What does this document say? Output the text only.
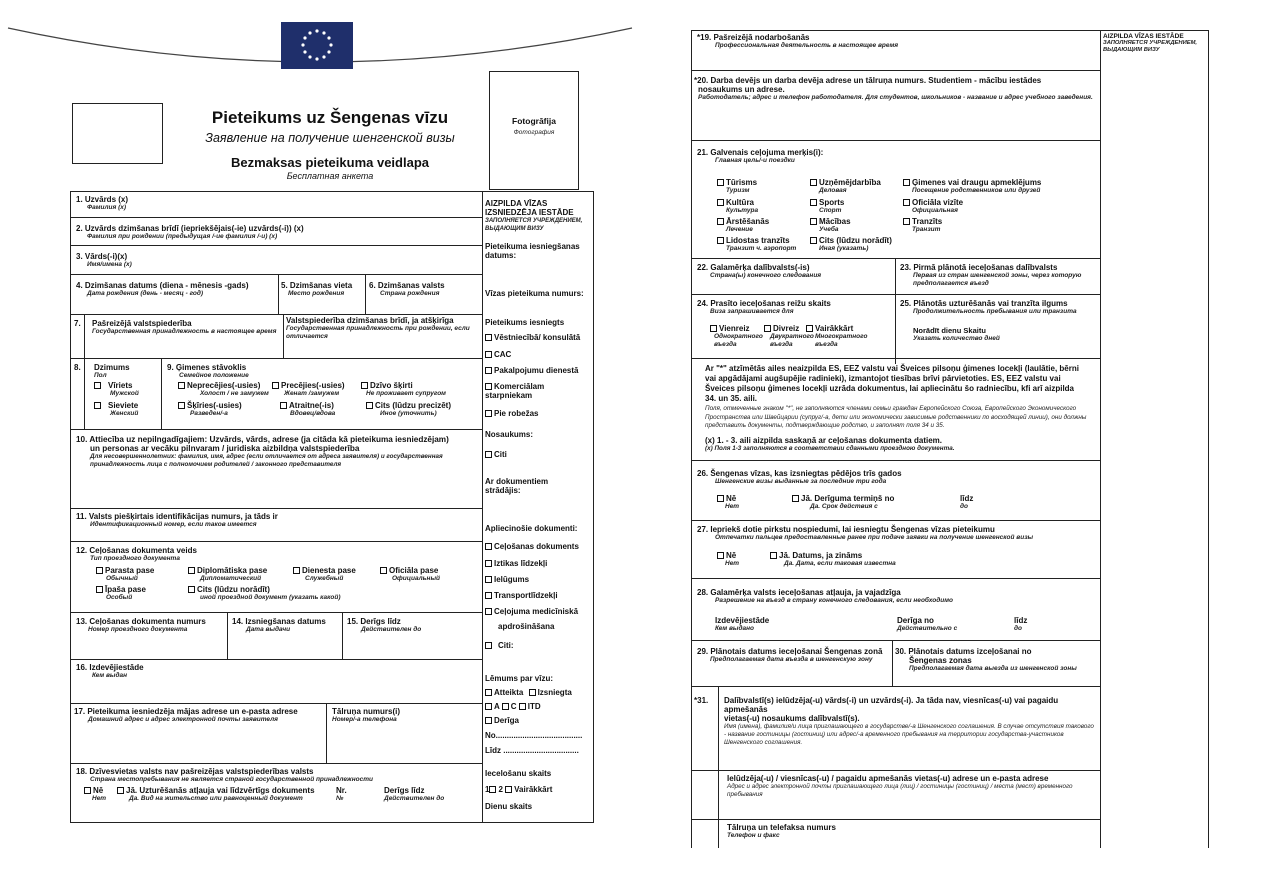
Pieteikums uz Šengenas vīzu
Заявление на получение шенгенской визы
Bezmaksas pieteikuma veidlapa
Бесплатная анкета
Fotogrāfija
Фотография
1. Uzvārds (x)
Фамилия (x)
2. Uzvārds dzimšanas brīdī (iepriekšējais(-ie) uzvārds(-i)) (x)
Фамилия при рождении (предыдущая /-ие фамилия /-и) (x)
3. Vārds(-i)(x)
Имя/имена (x)
4. Dzimšanas datums (diena - mēnesis -gads)
Дата рождения (день - месяц - год)
5. Dzimšanas vieta
Место рождения
6. Dzimšanas valsts
Страна рождения
7. Pašreizējā valstspiederība
Государственная принадлежность в настоящее время
Valstspiederība dzimšanas brīdī, ja atšķirīga
Государственная принадлежность при рождении, если отличается
8. Dzimums
Пол
Vīriets
Мужской
Sieviete
Женский
9. Ģimenes stāvoklis
Семейное положение
Neprecējies(-usies)
Холост / не замужем
Precējies(-usies)
Женат /замужем
Dzīvo šķirti
Не проживает супругом
Šķīries(-usies)
Разведен/-а
Atraitne(-is)
Вдовец/вдова
Cits (lūdzu precizēt)
Иное (уточнить)
10. Attiecība uz nepilngadīgajiem: Uzvārds, vārds, adrese (ja citāda kā pieteikuma iesniedzējam)
un personas ar vecāku pilnvaram / juridiska aizbildņa valstspiederība
Для несовершеннолетних: фамилия, имя, адрес (если отличается от адреса заявителя) и государственная принадлежность лица с полномочием родителей / законного представителя
11. Valsts piešķirtais identifikācijas numurs, ja tāds ir
Идентификационный номер, если таков имеется
12. Ceļošanas dokumenta veids
Тип проездного документа
Parasta pase
Обычный
Diplomātiska pase
Дипломатический
Dienesta pase
Служебный
Oficiāla pase
Официальный
Īpaša pase
Особый
Cits (lūdzu norādīt)
иной проездной документ (указать какой)
13. Ceļošanas dokumenta numurs
Номер проездного документа
14. Izsniegšanas datums
Дата выдачи
15. Derīgs līdz
Действителен до
16. Izdevējiestāde
Кем выдан
17. Pieteikuma iesniedzēja mājas adrese un e-pasta adrese
Домашний адрес и адрес электронной почты заявителя
Tālruņa numurs(i)
Номер/-а телефона
18. Dzīvesvietas valsts nav pašreizējas valstspiederības valsts
Страна местопребывания не является страной государственной принадлежности
Nē
Нет
Jā. Uzturēšanās atļauja vai līdzvērtīgs dokuments
Да. Вид на жительство или равноценный документ
Nr.
№
Derīgs līdz
Действителен до
AIZPILDA VĪZAS IZSNIEDZĒJA IESTĀDE
ЗАПОЛНЯЕТСЯ УЧРЕЖДЕНИЕМ, ВЫДАЮЩИМ ВИЗУ
Pieteikuma iesniegšanas datums:
Vīzas pieteikuma numurs:
Pieteikums iesniegts
Vēstniecībā/ konsulātā
CAC
Pakalpojumu dienestā
Komerciālam starpniekam
Pie robežas
Nosaukums:
Citi
Ar dokumentiem strādājis:
Apliecinošie dokumenti:
Ceļošanas dokuments
Iztikas līdzekļi
Ielūgums
Transportlīdzekļi
Ceļojuma medicīniskā
apdrošināšana
Citi:
Lēmums par vīzu:
Atteikta Izsniegta
A C ITD
Derīga
No.......................................
Līdz ..................................
Iecelošanu skaits
1 2 Vairākkārt
Dienu skaits
AIZPILDA VĪZAS IESTĀDE
ЗАПОЛНЯЕТСЯ УЧРЕЖДЕНИЕМ, ВЫДАЮЩИМ ВИЗУ
*19. Pašreizējā nodarbošanās
Профессиональная деятельность в настоящее время
*20. Darba devējs un darba devēja adrese un tālruņa numurs. Studentiem - mācību iestādes
nosaukums un adrese.
Работодатель; адрес и телефон работодателя. Для студентов, школьников - название и адрес учебного заведения.
21. Galvenais ceļojuma merķis(i):
Главная цель/-и поездки
Tūrisms
Туризм
Uzņēmējdarbība
Деловая
Ģimenes vai draugu apmeklējums
Посещение родственников или друзей
Kultūra
Культура
Sports
Спорт
Oficiāla vizīte
Официальная
Ārstēšanās
Лечение
Mācības
Учеба
Tranzīts
Транзит
Lidostas tranzīts
Транзит ч. аэропорт
Cits (lūdzu norādīt)
Иная (указать)
22. Galamērķa dalībvalsts(-is)
Страна(ы) конечного следования
23. Pirmā plānotā ieceļošanas dalībvalsts
Первая из стран шенгенской зоны, через которую предполагается въезд
24. Prasīto ieceļošanas reižu skaits
Виза запрашивается для
Vienreiz
Однократного въезда
Divreiz
Двукратного въезда
Vairākkārt
Многократного въезда
25. Plānotās uzturēšanās vai tranzīta ilgums
Продолжительность пребывания или транзита
Norādīt dienu Skaitu
Указать количество дней
Ar "*" atzīmētās ailes neaizpilda ES, EEZ valstu vai Šveices pilsoņu ģimenes locekļi (laulātie, bērni
vai apgādājami augšupējie radinieki), izmantojot tiesības brīvi pārvietoties. ES, EEZ valstu vai
Šveices pilsoņu ģimenes locekļi uzrāda dokumentus, lai apliecinātu šo radniecību, kfi arī aizpilda
34. un 35. aili.
Поля, отмеченные знаком "*", не заполняются членами семьи граждан Европейского Союза, Европейского Экономического Пространства или Швейцарии (супруг/-а, дети или экономически зависимые родственники по восходящей линии), они должны представить документы, подтверждающие родство, и заполнят поля 34 и 35.
(x) 1. - 3. aili aizpilda saskaņā ar ceļošanas dokumenta datiem.
(x) Поля 1-3 заполняются в соответствии сданными проездною документа.
26. Šengenas vīzas, kas izsniegtas pēdējos trīs gados
Шенгенские визы выданные за последние три года
Nē
Нет
Jā. Derīguma termiņš no
Да. Срок действия с
līdz
до
27. Iepriekš dotie pirkstu nospiedumi, lai iesniegtu Šengenas vīzas pieteikumu
Отпечатки пальцев предоставленные ранее при подаче заявки на получение шенгенской визы
Nē
Нет
Jā. Datums, ja zināms
Да. Дата, если таковая известна
28. Galamērķa valsts ieceļošanas atļauja, ja vajadzīga
Разрешение на въезд в страну конечного следования, если необходимо
Izdevējiestāde
Кем выдано
Derīga no
Действительно с
līdz
до
29. Plānotais datums ieceļošanai Šengenas zonā
Предполагаемая дата въезда в шенгенскую зону
30. Plānotais datums izceļošanai no
Šengenas zonas
Предполагаемая дата выезда из шенгенской зоны
*31. Dalībvalstī(s) ielūdzēja(-u) vārds(-i) un uzvārds(-i). Ja tāda nav, viesnīcas(-u) vai pagaidu apmešanās
vietas(-u) nosaukums dalībvalstī(s).
Имя (имена), фамилия/и лица приглашающего в государстве/-а Шенгенского соглашения. В случае отсутствия такового - название гостиницы (гостиниц) или адрес/-а временного пребывания на территории государства-участников Шенгенского соглашения.
Ielūdzēja(-u) / viesnīcas(-u) / pagaidu apmešanās vietas(-u) adrese un e-pasta adrese
Адрес и адрес электронной почты приглашающего лица (лиц) / гостиницы (гостиниц) / места (мест) временного пребывания
Tālruņa un telefaksa numurs
Телефон и факс
